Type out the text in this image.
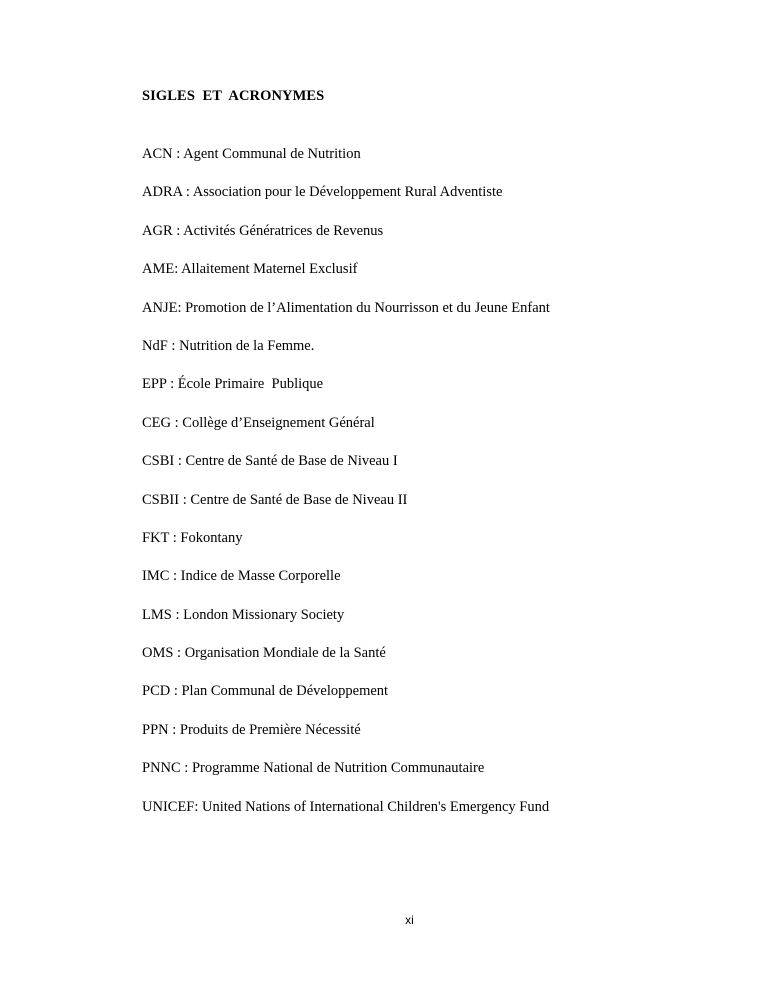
SIGLES  ET  ACRONYMES
ACN : Agent Communal de Nutrition
ADRA : Association pour le Développement Rural Adventiste
AGR : Activités Génératrices de Revenus
AME: Allaitement Maternel Exclusif
ANJE: Promotion de l’Alimentation du Nourrisson et du Jeune Enfant
NdF : Nutrition de la Femme.
EPP : École Primaire  Publique
CEG : Collège d’Enseignement Général
CSBI : Centre de Santé de Base de Niveau I
CSBII : Centre de Santé de Base de Niveau II
FKT : Fokontany
IMC : Indice de Masse Corporelle
LMS : London Missionary Society
OMS : Organisation Mondiale de la Santé
PCD : Plan Communal de Développement
PPN : Produits de Première Nécessité
PNNC : Programme National de Nutrition Communautaire
UNICEF: United Nations of International Children's Emergency Fund
xi
